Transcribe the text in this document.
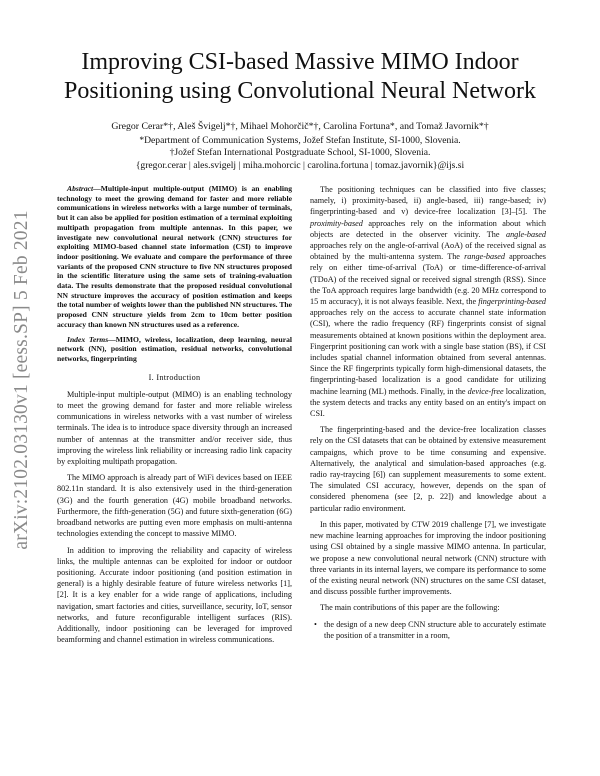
arXiv:2102.03130v1 [eess.SP] 5 Feb 2021
Improving CSI-based Massive MIMO Indoor Positioning using Convolutional Neural Network
Gregor Cerar*†, Aleš Švigelj*†, Mihael Mohorčič*†, Carolina Fortuna*, and Tomaž Javornik*†
*Department of Communication Systems, Jožef Stefan Institute, SI-1000, Slovenia.
†Jožef Stefan International Postgraduate School, SI-1000, Slovenia.
{gregor.cerar | ales.svigelj | miha.mohorcic | carolina.fortuna | tomaz.javornik}@ijs.si

Abstract—Multiple-input multiple-output (MIMO) is an enabling technology to meet the growing demand for faster and more reliable communications in wireless networks with a large number of terminals, but it can also be applied for position estimation of a terminal exploiting multipath propagation from multiple antennas. In this paper, we investigate new convolutional neural network (CNN) structures for exploiting MIMO-based channel state information (CSI) to improve indoor positioning. We evaluate and compare the performance of three variants of the proposed CNN structure to five NN structures proposed in the scientific literature using the same sets of training-evaluation data. The results demonstrate that the proposed residual convolutional NN structure improves the accuracy of position estimation and keeps the total number of weights lower than the published NN structures. The proposed CNN structure yields from 2cm to 10cm better position accuracy than known NN structures used as a reference.

Index Terms—MIMO, wireless, localization, deep learning, neural network (NN), position estimation, residual networks, convolutional networks, fingerprinting

I. Introduction

Multiple-input multiple-output (MIMO) is an enabling technology to meet the growing demand for faster and more reliable wireless communications in wireless networks with a vast number of wireless terminals. The idea is to introduce space diversity through an increased number of antennas at the transmitter and/or receiver side, thus improving the wireless link reliability or increasing radio link capacity by exploiting multipath propagation.

The MIMO approach is already part of WiFi devices based on IEEE 802.11n standard. It is also extensively used in the third-generation (3G) and the fourth generation (4G) mobile broadband networks. Furthermore, the fifth-generation (5G) and future sixth-generation (6G) broadband networks are putting even more emphasis on multi-antenna technologies extending the concept to massive MIMO.

In addition to improving the reliability and capacity of wireless links, the multiple antennas can be exploited for indoor or outdoor positioning. Accurate indoor positioning (and position estimation in general) is a highly desirable feature of future wireless networks [1], [2]. It is a key enabler for a wide range of applications, including navigation, smart factories and cities, surveillance, security, IoT, sensor networks, and future reconfigurable intelligent surfaces (RIS). Additionally, indoor positioning can be leveraged for improved beamforming and channel estimation in wireless communications.

The positioning techniques can be classified into five classes; namely, i) proximity-based, ii) angle-based, iii) range-based; iv) fingerprinting-based and v) device-free localization [3]–[5]. The proximity-based approaches rely on the information about which objects are detected in the observer vicinity. The angle-based approaches rely on the angle-of-arrival (AoA) of the received signal as obtained by the multi-antenna system. The range-based approaches rely on either time-of-arrival (ToA) or time-difference-of-arrival (TDoA) of the received signal or received signal strength (RSS). Since the ToA approach requires large bandwidth (e.g. 20 MHz correspond to 15 m accuracy), it is not always feasible. Next, the fingerprinting-based approaches rely on the access to accurate channel state information (CSI), where the radio frequency (RF) fingerprints consist of signal measurements obtained at known positions within the deployment area. Fingerprint positioning can work with a single base station (BS), if CSI includes spatial channel information obtained from several antennas. Since the RF fingerprints typically form high-dimensional datasets, the fingerprinting-based localization is a good candidate for utilizing machine learning (ML) methods. Finally, in the device-free localization, the system detects and tracks any entity based on an entity's impact on CSI.

The fingerprinting-based and the device-free localization classes rely on the CSI datasets that can be obtained by extensive measurement campaigns, which prove to be time consuming and expensive. Alternatively, the analytical and simulation-based approaches (e.g. radio ray-traycing [6]) can supplement measurements to some extent. The simulated CSI accuracy, however, depends on the span of considered phenomena (see [2, p. 22]) and knowledge about a particular radio environment.

In this paper, motivated by CTW 2019 challenge [7], we investigate new machine learning approaches for improving the indoor positioning using CSI obtained by a single massive MIMO antenna. In particular, we propose a new convolutional neural network (CNN) structure with three variants in its internal layers, we compare its performance to some of the existing neural network (NN) structures on the same CSI dataset, and discuss possible further improvements.

The main contributions of this paper are the following:

• the design of a new deep CNN structure able to accurately estimate the position of a transmitter in a room,
